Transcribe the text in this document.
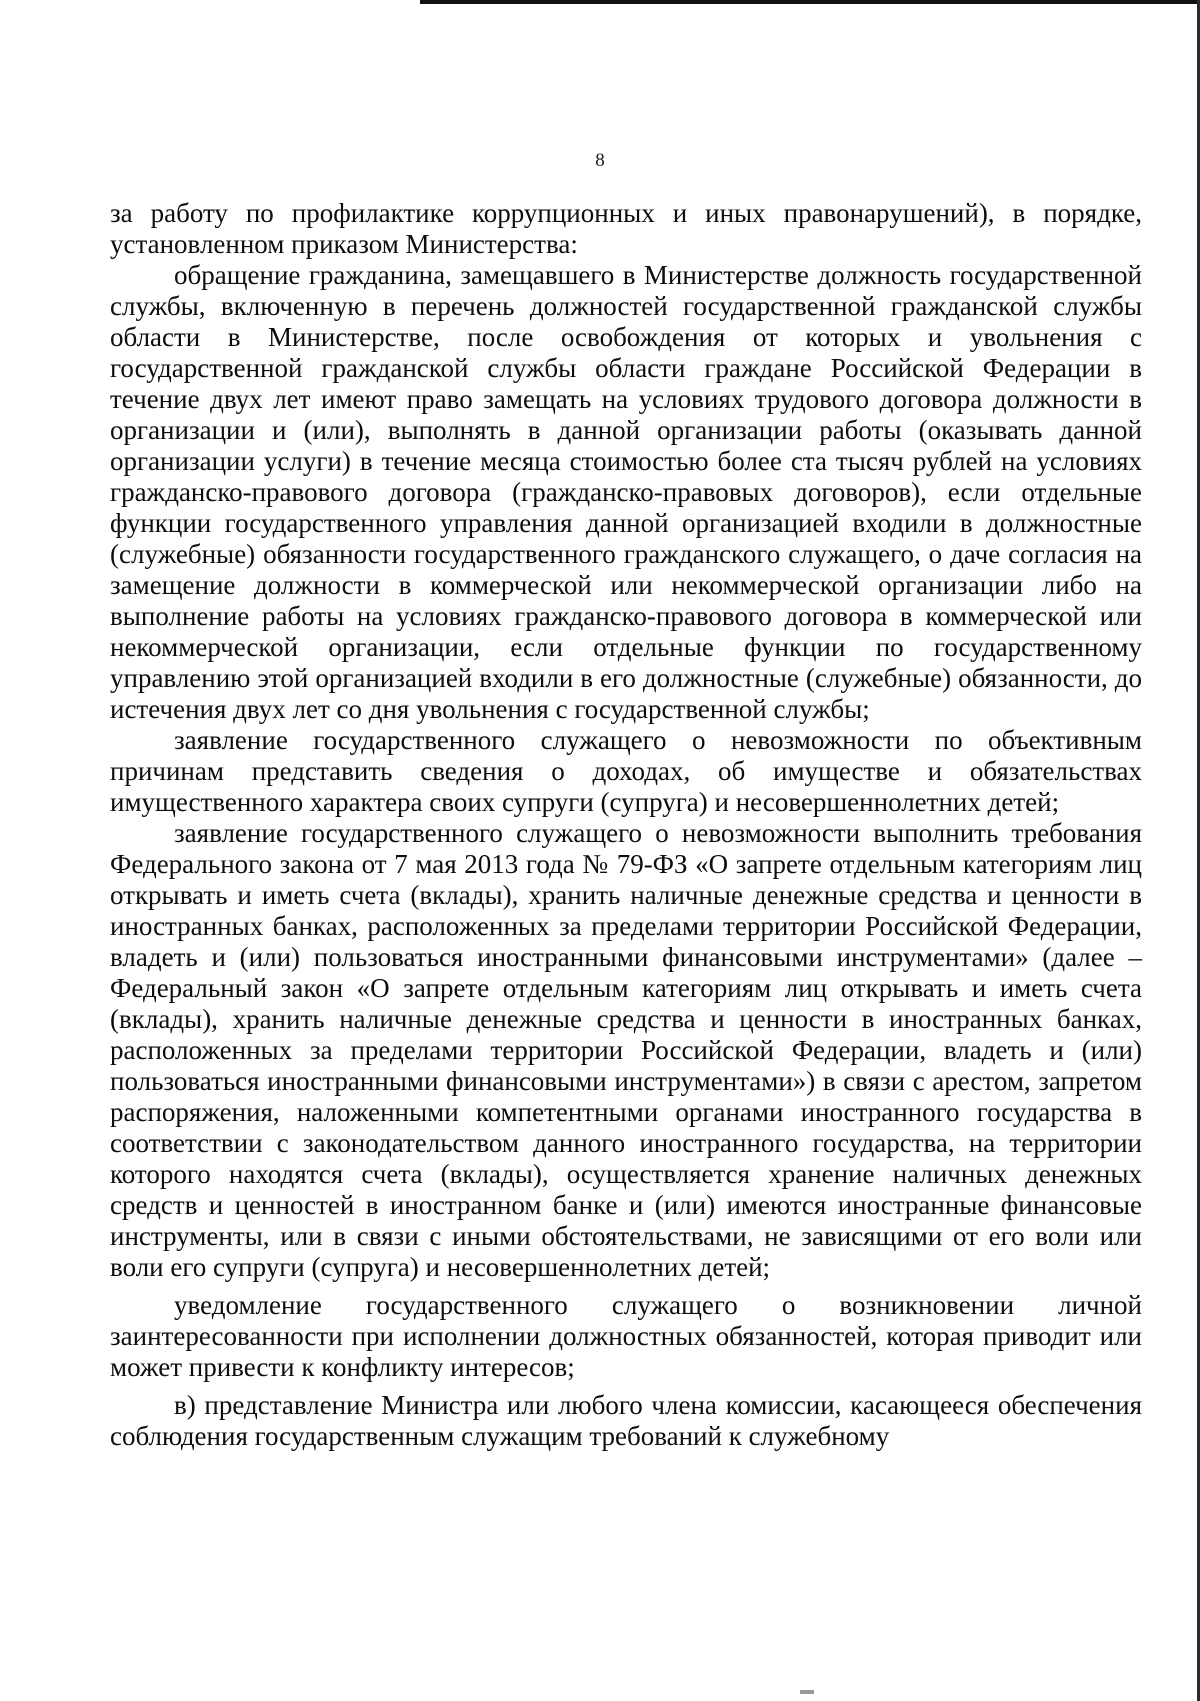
8

за работу по профилактике коррупционных и иных правонарушений), в порядке, установленном приказом Министерства:

обращение гражданина, замещавшего в Министерстве должность государственной службы, включенную в перечень должностей государственной гражданской службы области в Министерстве, после освобождения от которых и увольнения с государственной гражданской службы области граждане Российской Федерации в течение двух лет имеют право замещать на условиях трудового договора должности в организации и (или), выполнять в данной организации работы (оказывать данной организации услуги) в течение месяца стоимостью более ста тысяч рублей на условиях гражданско-правового договора (гражданско-правовых договоров), если отдельные функции государственного управления данной организацией входили в должностные (служебные) обязанности государственного гражданского служащего, о даче согласия на замещение должности в коммерческой или некоммерческой организации либо на выполнение работы на условиях гражданско-правового договора в коммерческой или некоммерческой организации, если отдельные функции по государственному управлению этой организацией входили в его должностные (служебные) обязанности, до истечения двух лет со дня увольнения с государственной службы;

заявление государственного служащего о невозможности по объективным причинам представить сведения о доходах, об имуществе и обязательствах имущественного характера своих супруги (супруга) и несовершеннолетних детей;

заявление государственного служащего о невозможности выполнить требования Федерального закона от 7 мая 2013 года № 79-ФЗ «О запрете отдельным категориям лиц открывать и иметь счета (вклады), хранить наличные денежные средства и ценности в иностранных банках, расположенных за пределами территории Российской Федерации, владеть и (или) пользоваться иностранными финансовыми инструментами» (далее – Федеральный закон «О запрете отдельным категориям лиц открывать и иметь счета (вклады), хранить наличные денежные средства и ценности в иностранных банках, расположенных за пределами территории Российской Федерации, владеть и (или) пользоваться иностранными финансовыми инструментами») в связи с арестом, запретом распоряжения, наложенными компетентными органами иностранного государства в соответствии с законодательством данного иностранного государства, на территории которого находятся счета (вклады), осуществляется хранение наличных денежных средств и ценностей в иностранном банке и (или) имеются иностранные финансовые инструменты, или в связи с иными обстоятельствами, не зависящими от его воли или воли его супруги (супруга) и несовершеннолетних детей;

уведомление государственного служащего о возникновении личной заинтересованности при исполнении должностных обязанностей, которая приводит или может привести к конфликту интересов;

в) представление Министра или любого члена комиссии, касающееся обеспечения соблюдения государственным служащим требований к служебному
